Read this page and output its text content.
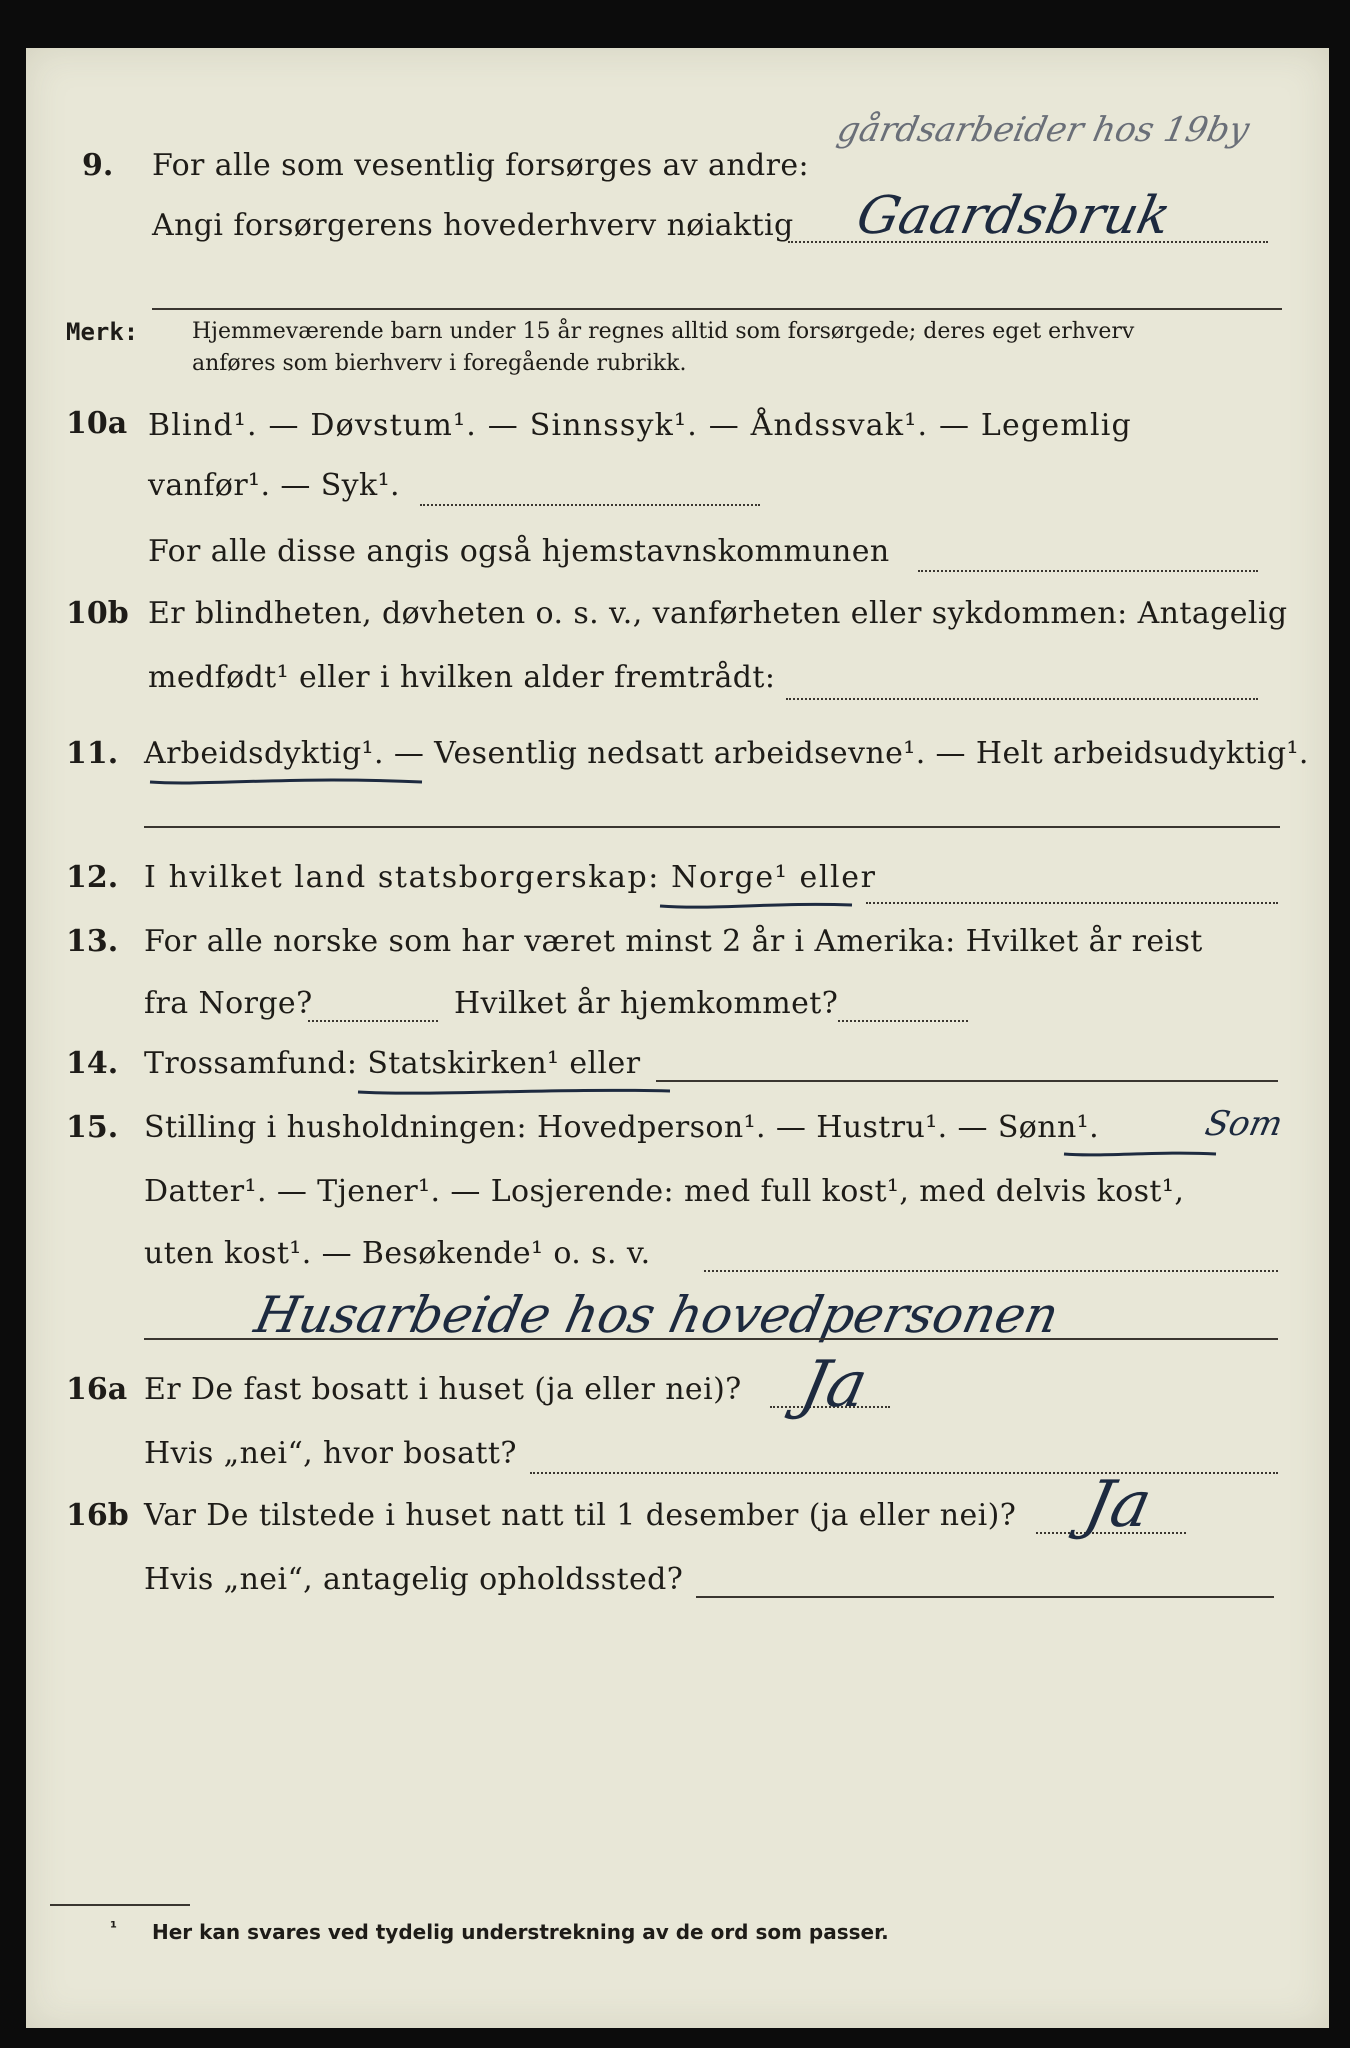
9. For alle som vesentlig forsørges av andre:
Angi forsørgerens hovederhverv nøiaktig
gårdsarbeider hos 19by
Gaardsbruk
Merk: Hjemmeværende barn under 15 år regnes alltid som forsørgede; deres eget erhverv
anføres som bierhverv i foregående rubrikk.
10a Blind¹. — Døvstum¹. — Sinnssyk¹. — Åndssvak¹. — Legemlig
vanfør¹. — Syk¹.
For alle disse angis også hjemstavnskommunen
10b Er blindheten, døvheten o. s. v., vanførheten eller sykdommen: Antagelig
medfødt¹ eller i hvilken alder fremtrådt:
11. Arbeidsdyktig¹. — Vesentlig nedsatt arbeidsevne¹. — Helt arbeidsudyktig¹.
12. I hvilket land statsborgerskap: Norge¹ eller
13. For alle norske som har været minst 2 år i Amerika: Hvilket år reist
fra Norge?	Hvilket år hjemkommet?
14. Trossamfund: Statskirken¹ eller
15. Stilling i husholdningen: Hovedperson¹. — Hustru¹. — Sønn¹.	Som
Datter¹. — Tjener¹. — Losjerende: med full kost¹, med delvis kost¹,
uten kost¹. — Besøkende¹ o. s. v.
Husarbeide hos hovedpersonen
16a Er De fast bosatt i huset (ja eller nei)? Ja
Hvis „nei“, hvor bosatt?
16b Var De tilstede i huset natt til 1 desember (ja eller nei)? Ja
Hvis „nei“, antagelig opholdssted?
¹ Her kan svares ved tydelig understrekning av de ord som passer.
